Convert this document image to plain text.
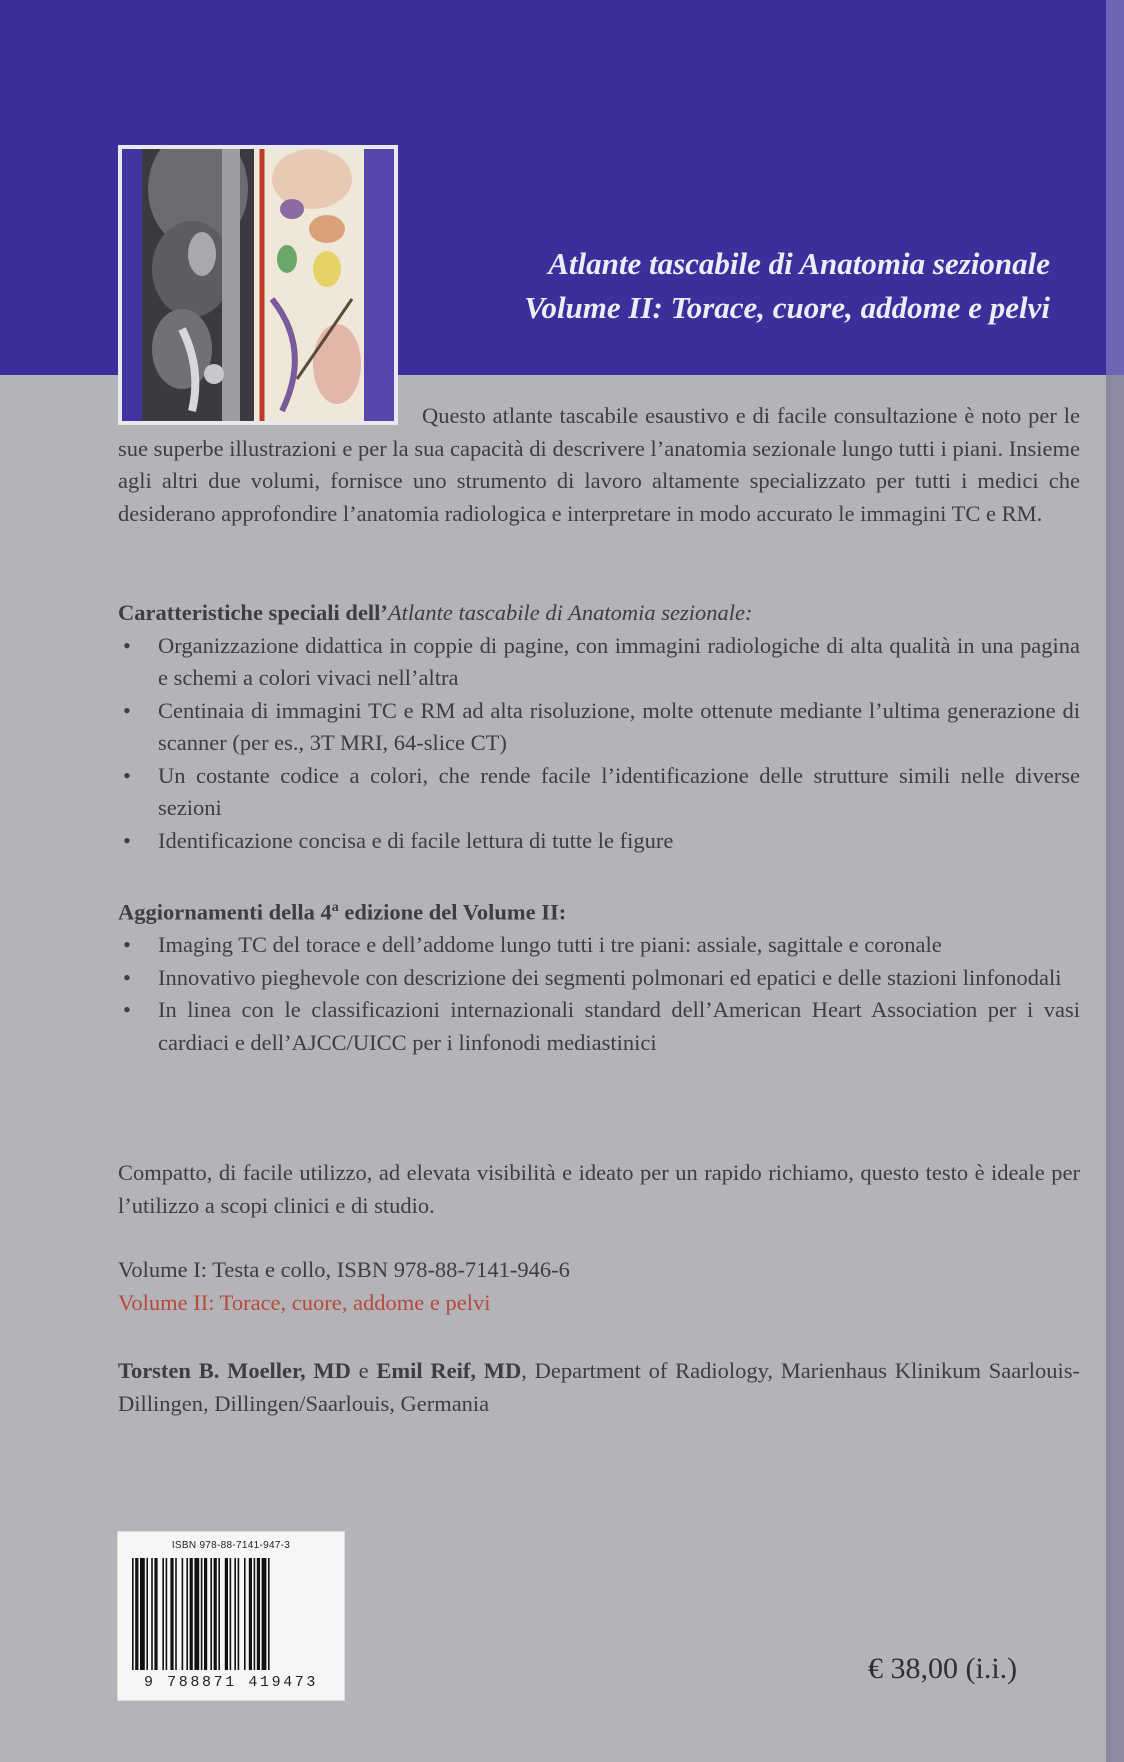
Atlante tascabile di Anatomia sezionale
Volume II: Torace, cuore, addome e pelvi

Questo atlante tascabile esaustivo e di facile consultazione è noto per le sue superbe illustrazioni e per la sua capacità di descrivere l’anatomia sezionale lungo tutti i piani. Insieme agli altri due volumi, fornisce uno strumento di lavoro altamente specializzato per tutti i medici che desiderano approfondire l’anatomia radiologica e interpretare in modo accurato le immagini TC e RM.

Caratteristiche speciali dell’Atlante tascabile di Anatomia sezionale:
• Organizzazione didattica in coppie di pagine, con immagini radiologiche di alta qualità in una pagina e schemi a colori vivaci nell’altra
• Centinaia di immagini TC e RM ad alta risoluzione, molte ottenute mediante l’ultima generazione di scanner (per es., 3T MRI, 64-slice CT)
• Un costante codice a colori, che rende facile l’identificazione delle strutture simili nelle diverse sezioni
• Identificazione concisa e di facile lettura di tutte le figure
Aggiornamenti della 4$^a$ edizione del Volume II:
• Imaging TC del torace e dell’addome lungo tutti i tre piani: assiale, sagittale e coronale
• Innovativo pieghevole con descrizione dei segmenti polmonari ed epatici e delle stazioni linfonodali
• In linea con le classificazioni internazionali standard dell’American Heart Association per i vasi cardiaci e dell’AJCC/UICC per i linfonodi mediastinici
Compatto, di facile utilizzo, ad elevata visibilità e ideato per un rapido richiamo, questo testo è ideale per l’utilizzo a scopi clinici e di studio.
Volume I: Testa e collo, ISBN 978-88-7141-946-6
Volume II: Torace, cuore, addome e pelvi
Torsten B. Moeller, MD e Emil Reif, MD, Department of Radiology, Marienhaus Klinikum Saarlouis-Dillingen, Dillingen/Saarlouis, Germania
ISBN 978-88-7141-947-3
9 788871 419473	€ 38,00 (i.i.)
